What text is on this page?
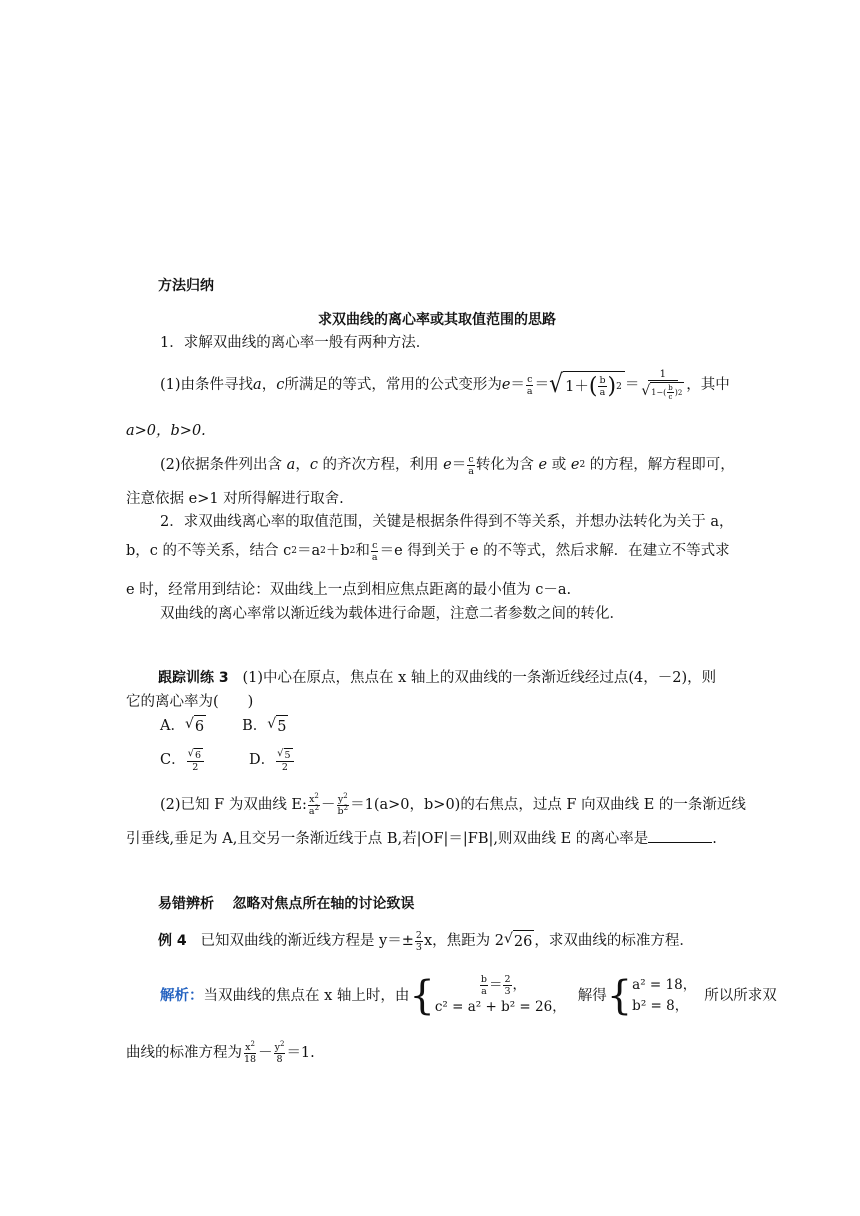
方法归纳
求双曲线的离心率或其取值范围的思路
1．求解双曲线的离心率一般有两种方法．
(1)由条件寻找 a ， c 所满足的等式，常用的公式变形为 $e = \frac{c}{a}$ ＝ √ 1＋ ( $\frac{b}{a}$ ) 2 ＝
1
√ 1− ( $\frac{b}{c}$ ) 2 ，其中
a>0，b>0.
(2)依据条件列出含
a ， c
的齐次方程，利用
$e = \frac{c}{a}$ 转化为含
e
或
e 2
的方程，解方程即可，
注意依据 e>1 对所得解进行取舍.
2．求双曲线离心率的取值范围，关键是根据条件得到不等关系，并想办法转化为关于 a，
b，c 的不等关系，结合 c 2 ＝a 2 ＋b 2 和 $\frac{c}{a} =e$ 得到关于 e 的不等式，然后求解．在建立不等式求
e 时，经常用到结论：双曲线上一点到相应焦点距离的最小值为 c－a.
双曲线的离心率常以渐近线为载体进行命题，注意二者参数之间的转化．
跟踪训练 3 (1)中心在原点，焦点在 x 轴上的双曲线的一条渐近线经过点(4，－2)，则
它的离心率为(　　)
A． √ 6	B． √ 5
C． $\frac{√ 6}{2}$	D． $\frac{√ 5}{2}$
(2)已知 F 为双曲线 E: $\frac{x^2}{a^2} - \frac{y^2}{b^2} =1(a>0$，b>0)的右焦点，过点 F 向双曲线 E 的一条渐近线
引垂线,垂足为 A,且交另一条渐近线于点 B,若|OF|＝|FB|,则双曲线 E 的离心率是	.
易错辨析 忽略对焦点所在轴的讨论致误
例 4
已知双曲线的渐近线方程是 $y=\pm \frac{2}{3}$ x，焦距为 2 √ 26 ，求双曲线的标准方程．
解析： 当双曲线的焦点在 x 轴上时，由 {	$\frac{b}{a} = \frac{2}{3}$ ，
c² = a² + b² = 26，
解得 { a² = 18，
b² = 8，
所以所求双
曲线的标准方程为 $\frac{x^2}{18} - \frac{y^2}{8} =1$.
